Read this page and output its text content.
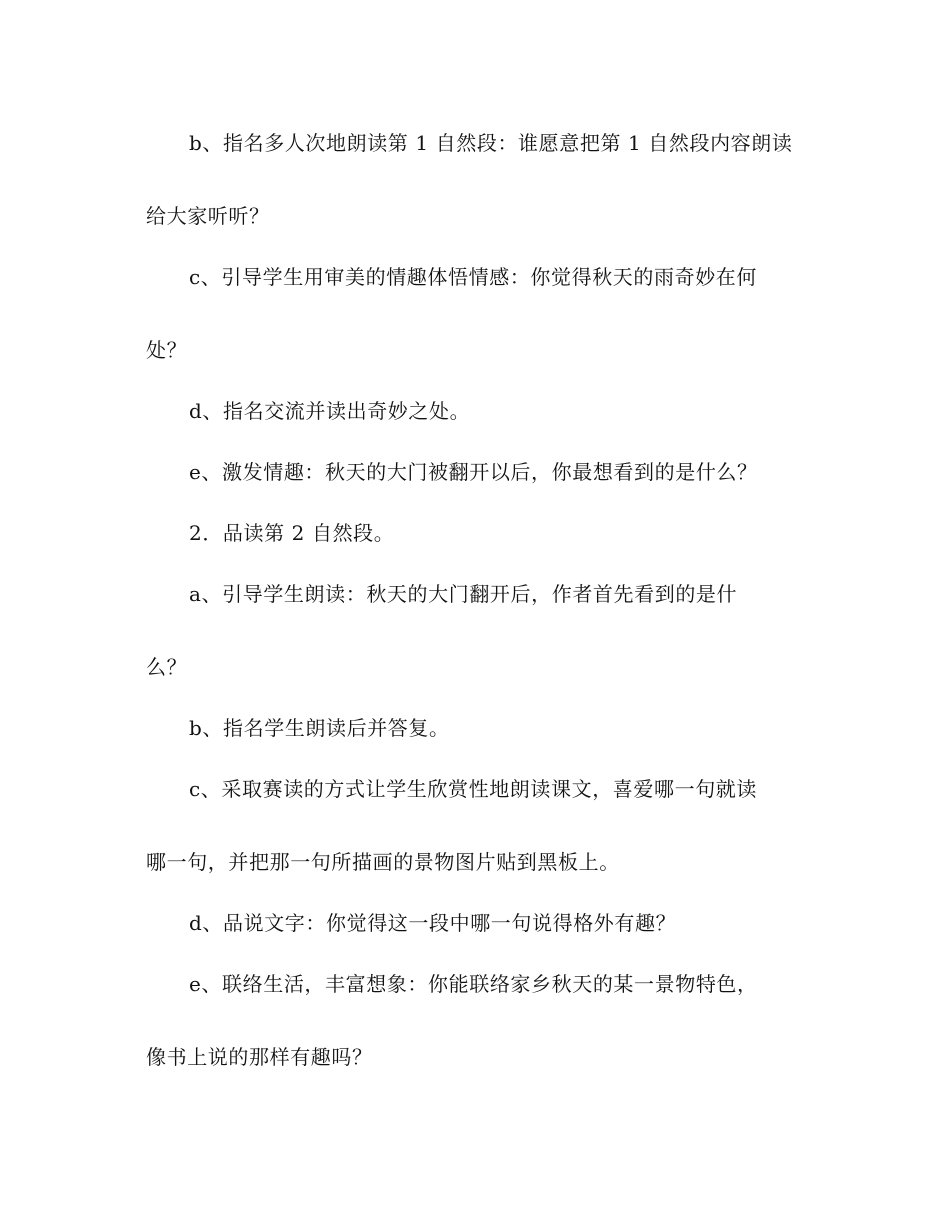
b、指名多人次地朗读第 1 自然段：谁愿意把第 1 自然段内容朗读
给大家听听？
c、引导学生用审美的情趣体悟情感：你觉得秋天的雨奇妙在何
处？
d、指名交流并读出奇妙之处。
e、激发情趣：秋天的大门被翻开以后，你最想看到的是什么？
2．品读第 2 自然段。
a、引导学生朗读：秋天的大门翻开后，作者首先看到的是什
么？
b、指名学生朗读后并答复。
c、采取赛读的方式让学生欣赏性地朗读课文，喜爱哪一句就读
哪一句，并把那一句所描画的景物图片贴到黑板上。
d、品说文字：你觉得这一段中哪一句说得格外有趣？
e、联络生活，丰富想象：你能联络家乡秋天的某一景物特色，
像书上说的那样有趣吗？
